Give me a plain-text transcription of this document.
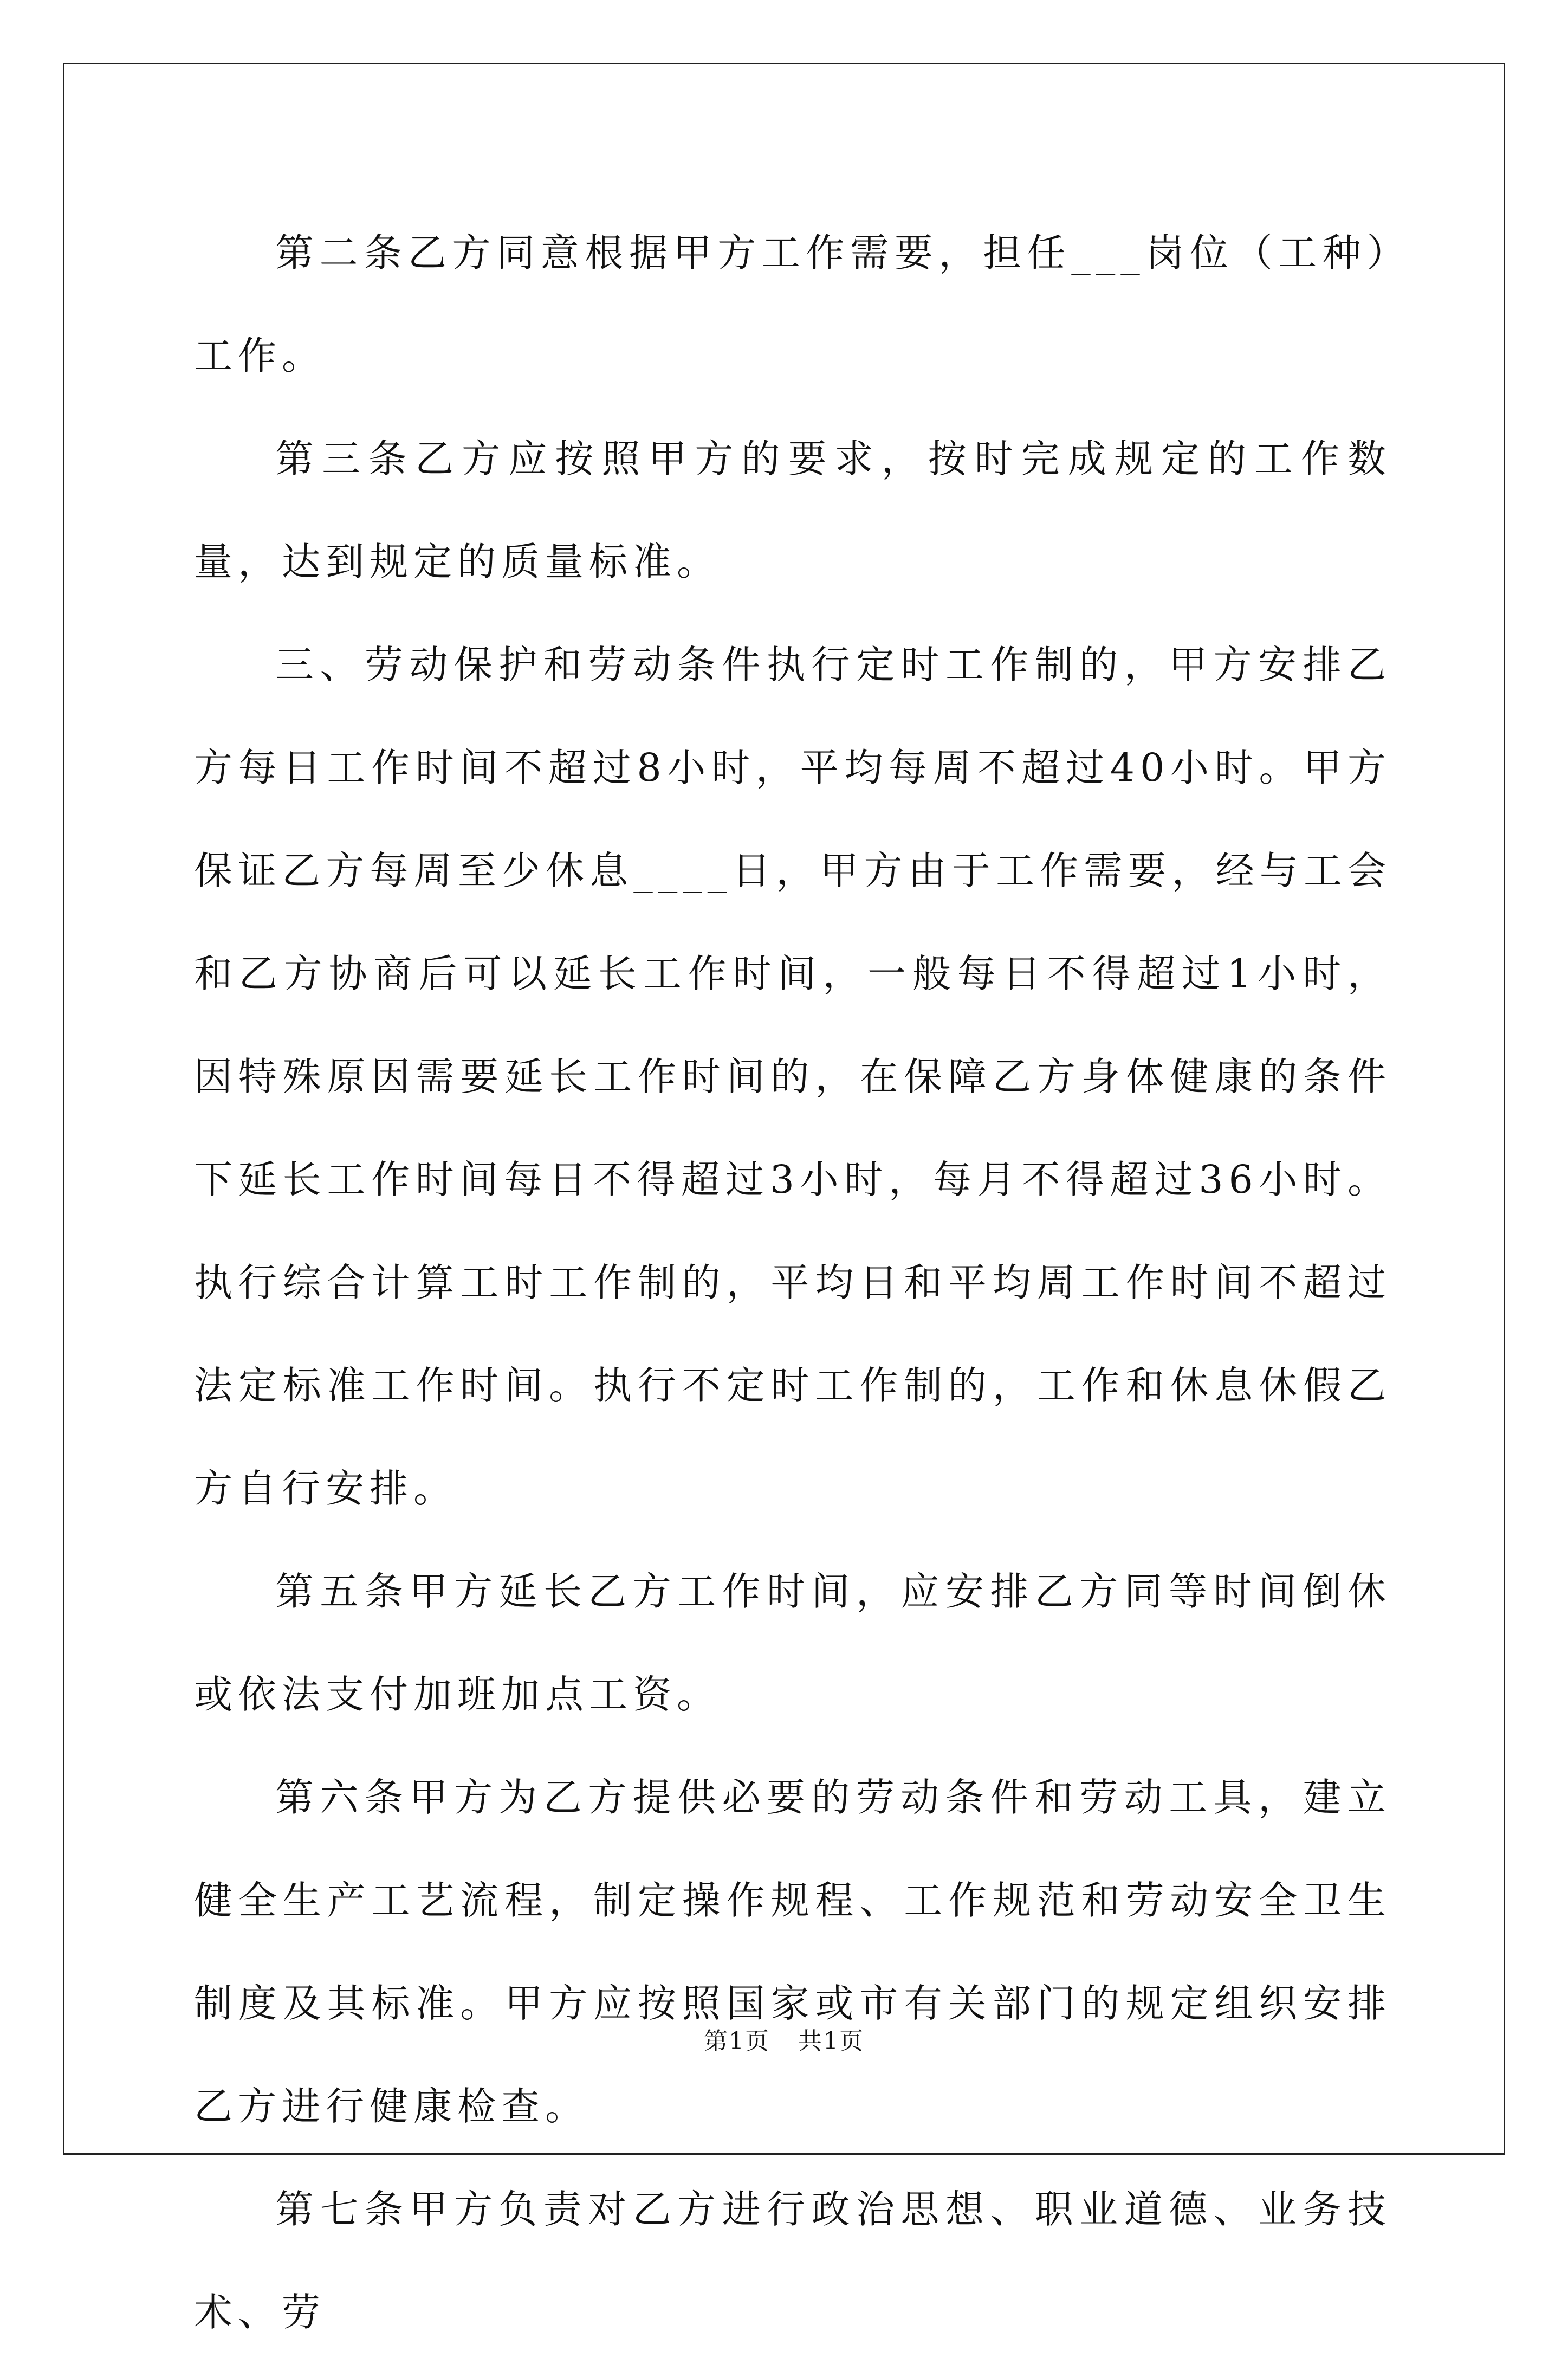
第二条乙方同意根据甲方工作需要，担任___岗位（工种）工作。

第三条乙方应按照甲方的要求，按时完成规定的工作数量，达到规定的质量标准。

三、劳动保护和劳动条件执行定时工作制的，甲方安排乙方每日工作时间不超过8小时，平均每周不超过40小时。甲方保证乙方每周至少休息____日，甲方由于工作需要，经与工会和乙方协商后可以延长工作时间，一般每日不得超过1小时，因特殊原因需要延长工作时间的，在保障乙方身体健康的条件下延长工作时间每日不得超过3小时，每月不得超过36小时。执行综合计算工时工作制的，平均日和平均周工作时间不超过法定标准工作时间。执行不定时工作制的，工作和休息休假乙方自行安排。

第五条甲方延长乙方工作时间，应安排乙方同等时间倒休或依法支付加班加点工资。

第六条甲方为乙方提供必要的劳动条件和劳动工具，建立健全生产工艺流程，制定操作规程、工作规范和劳动安全卫生制度及其标准。甲方应按照国家或市有关部门的规定组织安排乙方进行健康检查。

第七条甲方负责对乙方进行政治思想、职业道德、业务技术、劳

第1页 共1页
